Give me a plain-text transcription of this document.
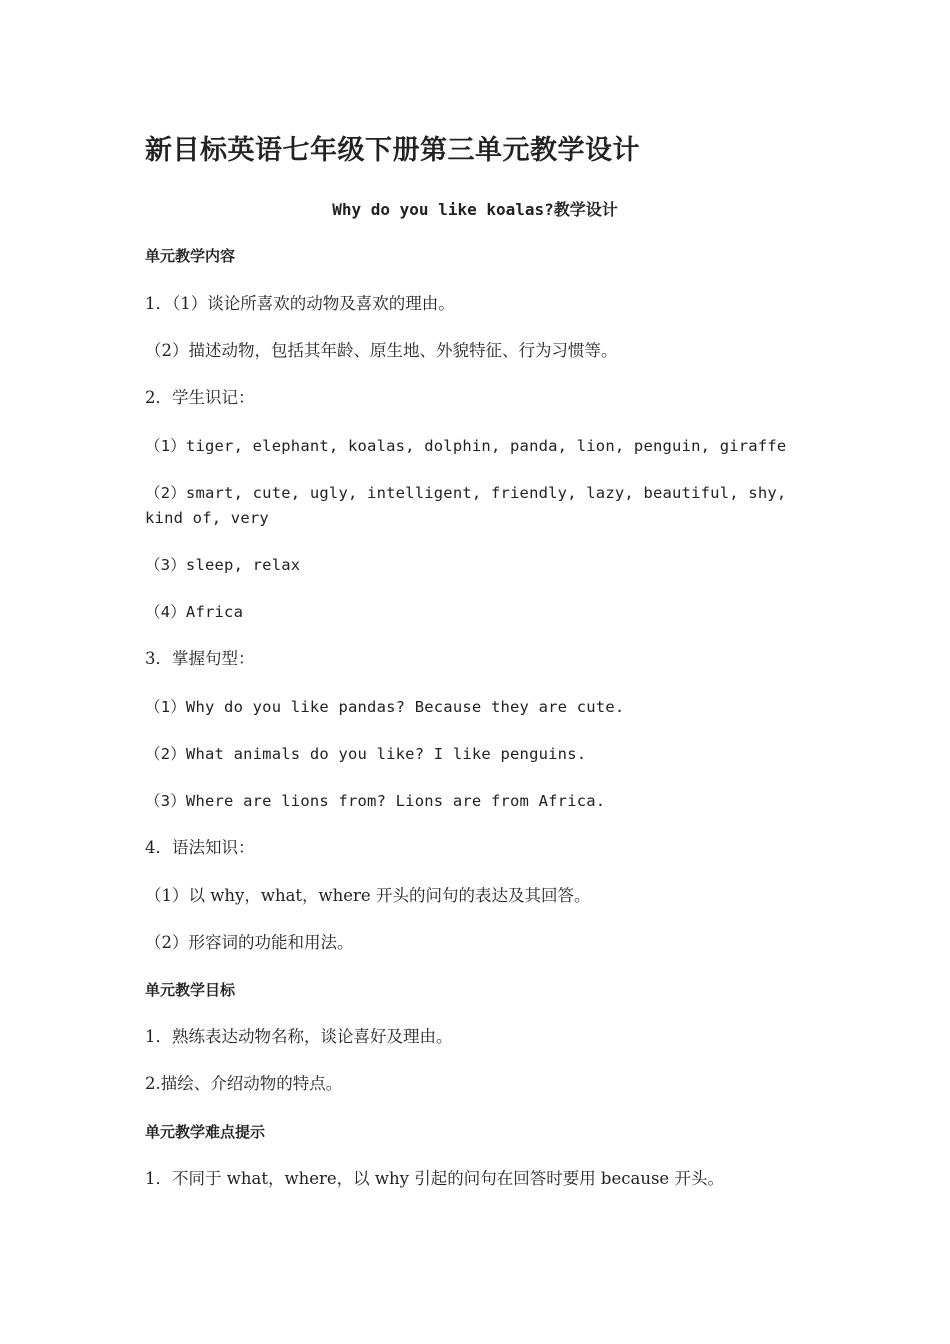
新目标英语七年级下册第三单元教学设计
Why do you like koalas?教学设计
单元教学内容
1．（1）谈论所喜欢的动物及喜欢的理由。
（2）描述动物，包括其年龄、原生地、外貌特征、行为习惯等。
2．学生识记：
（1）tiger, elephant, koalas, dolphin, panda, lion, penguin, giraffe
（2）smart, cute, ugly, intelligent, friendly, lazy, beautiful, shy, kind of, very
（3）sleep, relax
（4）Africa
3．掌握句型：
（1）Why do you like pandas? Because they are cute.
（2）What animals do you like? I like penguins.
（3）Where are lions from? Lions are from Africa.
4．语法知识：
（1）以 why，what，where 开头的问句的表达及其回答。
（2）形容词的功能和用法。
单元教学目标
1．熟练表达动物名称，谈论喜好及理由。
2.描绘、介绍动物的特点。
单元教学难点提示
1．不同于 what，where，以 why 引起的问句在回答时要用 because 开头。
